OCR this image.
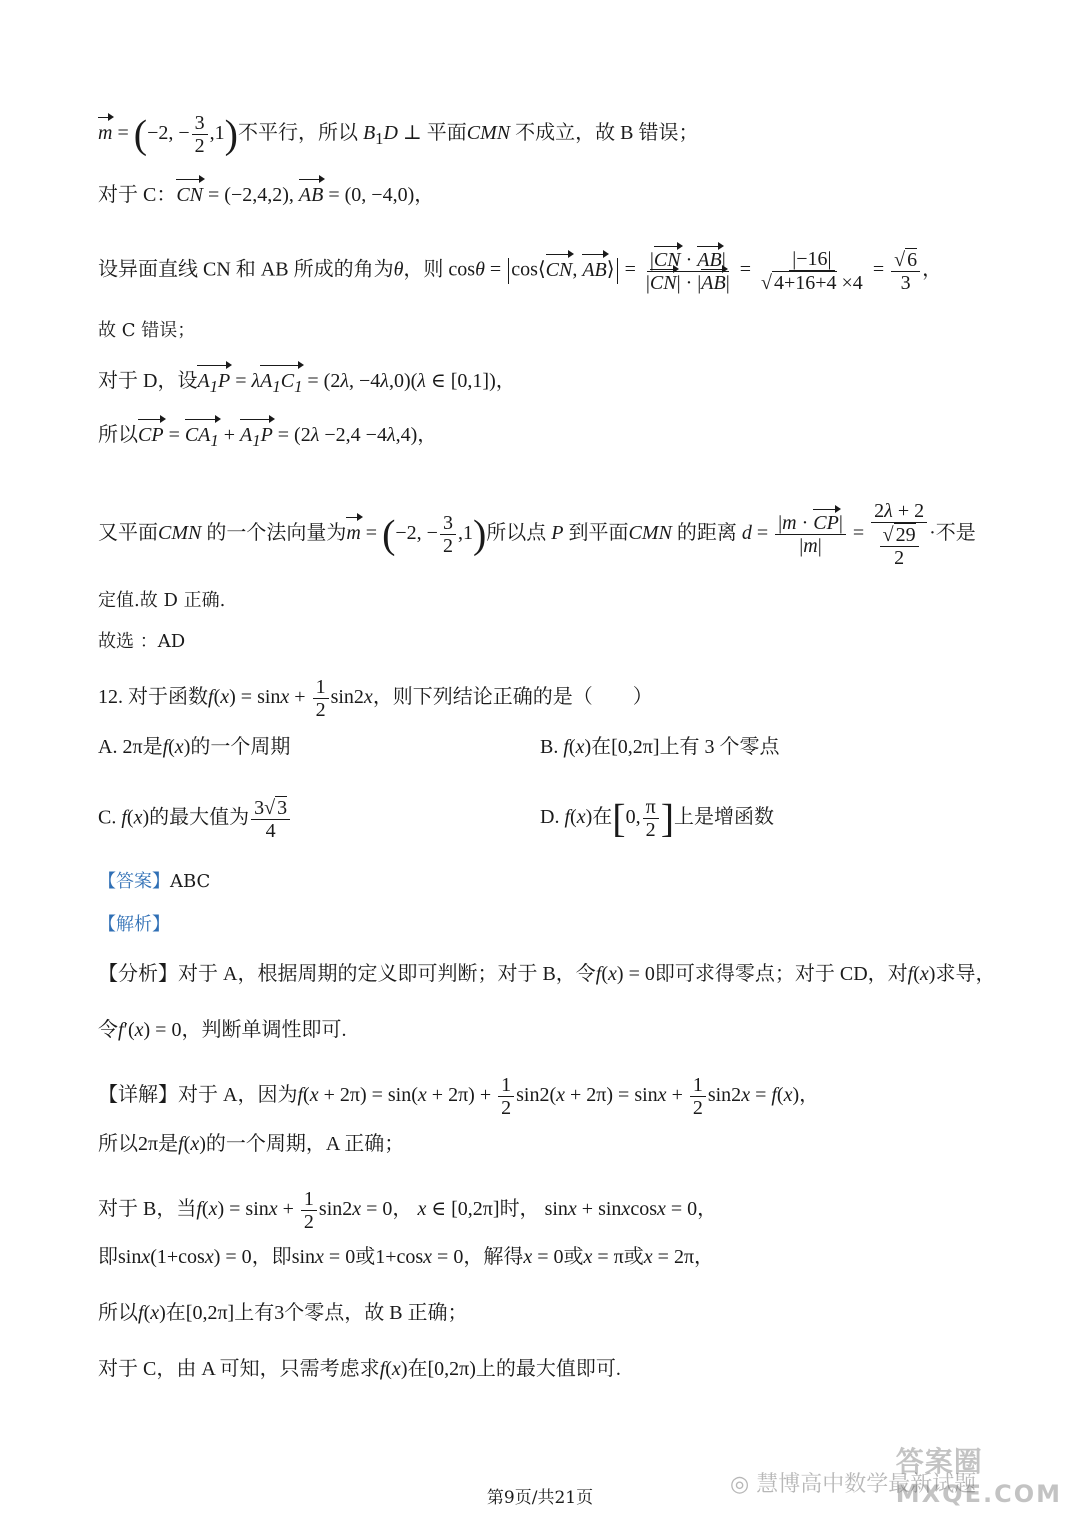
m = (−2, − $\frac{3}{2} ,1$)不平行，所以 $B_1D$ ⊥ 平面CMN 不成立，故 B 错误；
对于 C：CN = (−2,4,2), AB = (0, −4,0)，
设异面直线 CN 和 AB 所成的角为θ，则 cosθ = cos⟨CN, AB⟩ = $\frac{|CN \cdot AB|}{|CN| \cdot |AB|} = \frac{|-16|}{√ 4+16+4 \times 4} = \frac{√ 6}{3}$ ，
故 C 错误；
对于 D，设$A_1P = \lambda A_1C_1 = (2\lambda$, −4λ,0)(λ ∈ [0,1])，
所以CP = $CA_1 + A_1P = (2\lambda -2,4 -4\lambda,4)$，
又平面CMN 的一个法向量为m = (−2, − $\frac{3}{2} ,1$)所以点 P 到平面CMN 的距离 $d = \frac{|m \cdot CP|}{|m|} = \frac{2\lambda + 2}{\frac{√ 29}{2}}$ ·不是
定值.故 D 正确.
故选 ：AD
12. 对于函数$f(x) = \sin x + \frac{1}{2} \sin 2x$，则下列结论正确的是（　　）
A. 2π是f(x)的一个周期	B. f(x)在[0,2π]上有 3 个零点
C. f(x)的最大值为 $\frac{3√ 3}{4}$	D. f(x)在[0, $\frac{\pi}{2}$ ]上是增函数
【答案】ABC
【解析】
【分析】对于 A，根据周期的定义即可判断；对于 B，令f(x) = 0即可求得零点；对于 CD，对f(x)求导，
令f′(x) = 0，判断单调性即可.
【详解】对于 A，因为$f(x + 2\pi) = \sin(x + 2\pi) + \frac{1}{2} \sin 2(x + 2\pi) = \sin x + \frac{1}{2} \sin 2x = f(x)$，
所以2π是f(x)的一个周期，A 正确；
对于 B，当$f(x) = \sin x + \frac{1}{2} \sin 2x = 0$， x ∈ [0,2π]时， sinx + sinxcosx = 0，
即sinx(1+cosx) = 0，即sinx = 0或1+cosx = 0，解得x = 0或x = π或x = 2π，
所以f(x)在[0,2π]上有3个零点，故 B 正确；
对于 C，由 A 可知，只需考虑求f(x)在[0,2π)上的最大值即可.
◎ 慧博高中数学最新试题
答案圈
MXQE.COM
第9页/共21页
